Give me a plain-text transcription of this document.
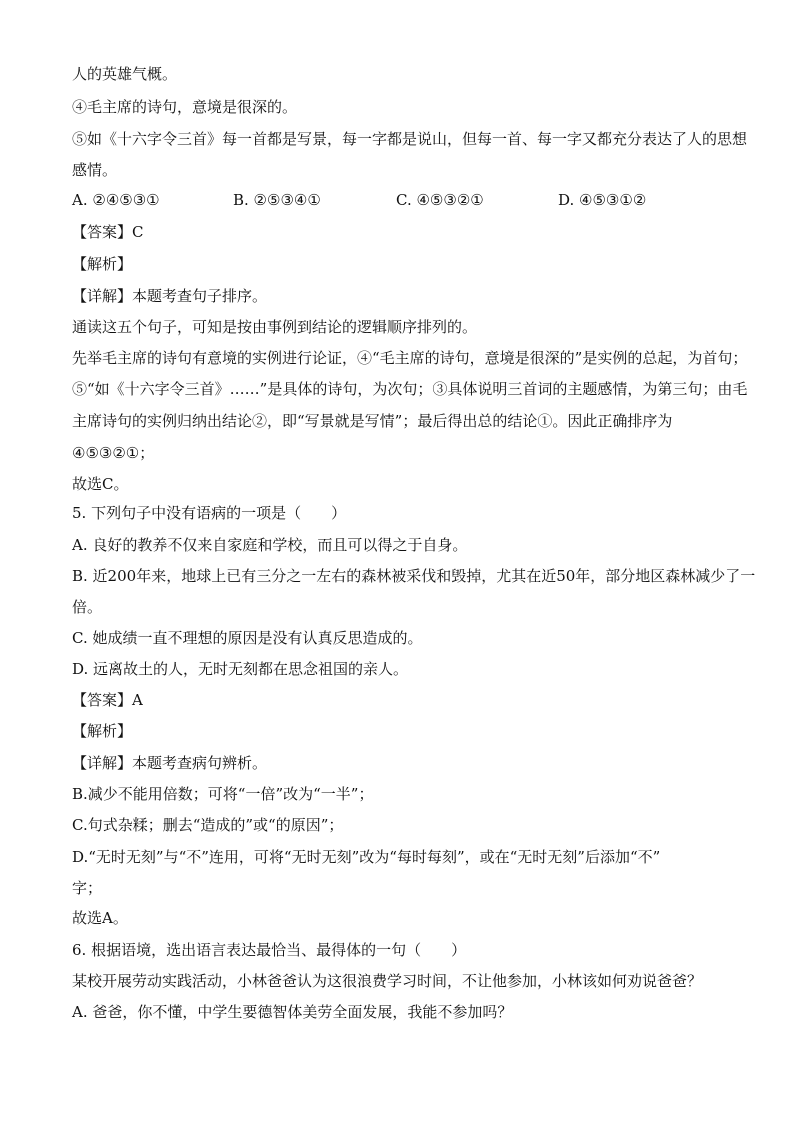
人的英雄气概。
④毛主席的诗句，意境是很深的。
⑤如《十六字令三首》每一首都是写景，每一字都是说山，但每一首、每一字又都充分表达了人的思想
感情。
A. ②④⑤③①	B. ②⑤③④①	C. ④⑤③②①	D. ④⑤③①②
【答案】C
【解析】
【详解】本题考查句子排序。
通读这五个句子，可知是按由事例到结论的逻辑顺序排列的。
先举毛主席的诗句有意境的实例进行论证，④“毛主席的诗句，意境是很深的”是实例的总起，为首句；
⑤“如《十六字令三首》……”是具体的诗句，为次句；③具体说明三首词的主题感情，为第三句；由毛
主席诗句的实例归纳出结论②，即“写景就是写情”；最后得出总的结论①。因此正确排序为
④⑤③②①；
故选C。
5. 下列句子中没有语病的一项是（　　）
A. 良好的教养不仅来自家庭和学校，而且可以得之于自身。
B. 近200年来，地球上已有三分之一左右的森林被采伐和毁掉，尤其在近50年，部分地区森林减少了一
倍。
C. 她成绩一直不理想的原因是没有认真反思造成的。
D. 远离故土的人，无时无刻都在思念祖国的亲人。
【答案】A
【解析】
【详解】本题考查病句辨析。
B.减少不能用倍数；可将“一倍”改为“一半”；
C.句式杂糅；删去“造成的”或“的原因”；
D.“无时无刻”与“不”连用，可将“无时无刻”改为“每时每刻”，或在“无时无刻”后添加“不”
字；
故选A。
6. 根据语境，选出语言表达最恰当、最得体的一句（　　）
某校开展劳动实践活动，小林爸爸认为这很浪费学习时间，不让他参加，小林该如何劝说爸爸？
A. 爸爸，你不懂，中学生要德智体美劳全面发展，我能不参加吗？
